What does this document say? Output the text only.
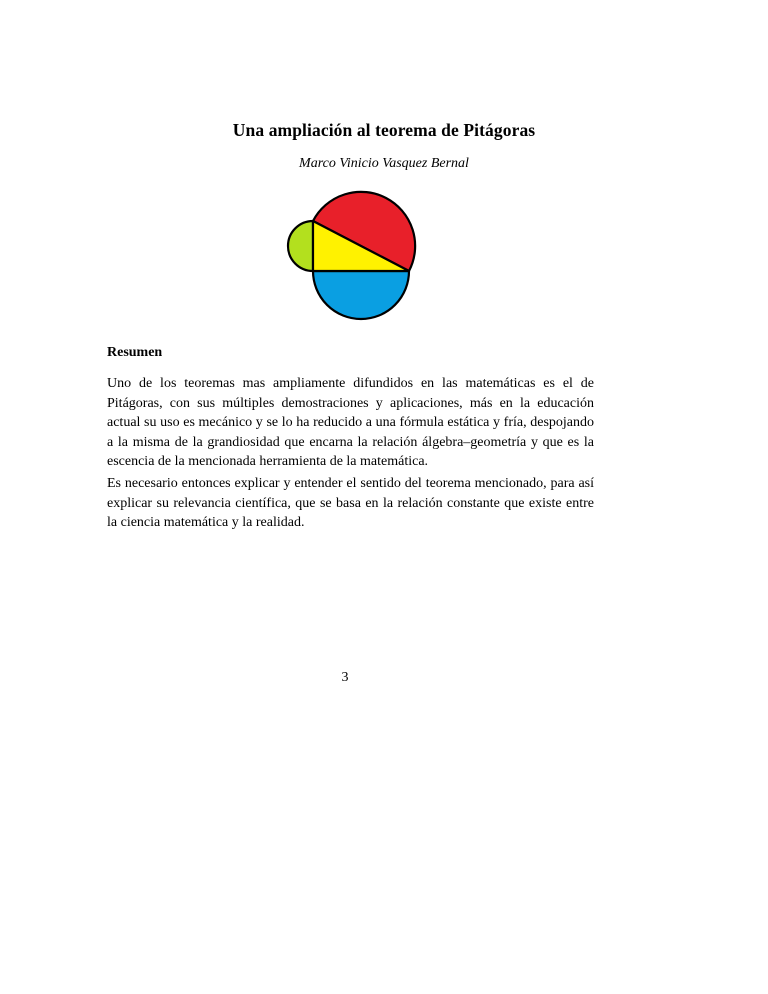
Una ampliación al teorema de Pitágoras

Marco Vinicio Vasquez Bernal

Resumen

Uno de los teoremas mas ampliamente difundidos en las matemáticas es el de Pitágoras, con sus múltiples demostraciones y aplicaciones, más en la educación actual su uso es mecánico y se lo ha reducido a una fórmula estática y fría, despojando a la misma de la grandiosidad que encarna la relación álgebra–geometría y que es la escencia de la mencionada herramienta de la matemática.

Es necesario entonces explicar y entender el sentido del teorema mencionado, para así explicar su relevancia científica, que se basa en la relación constante que existe entre la ciencia matemática y la realidad.

3
